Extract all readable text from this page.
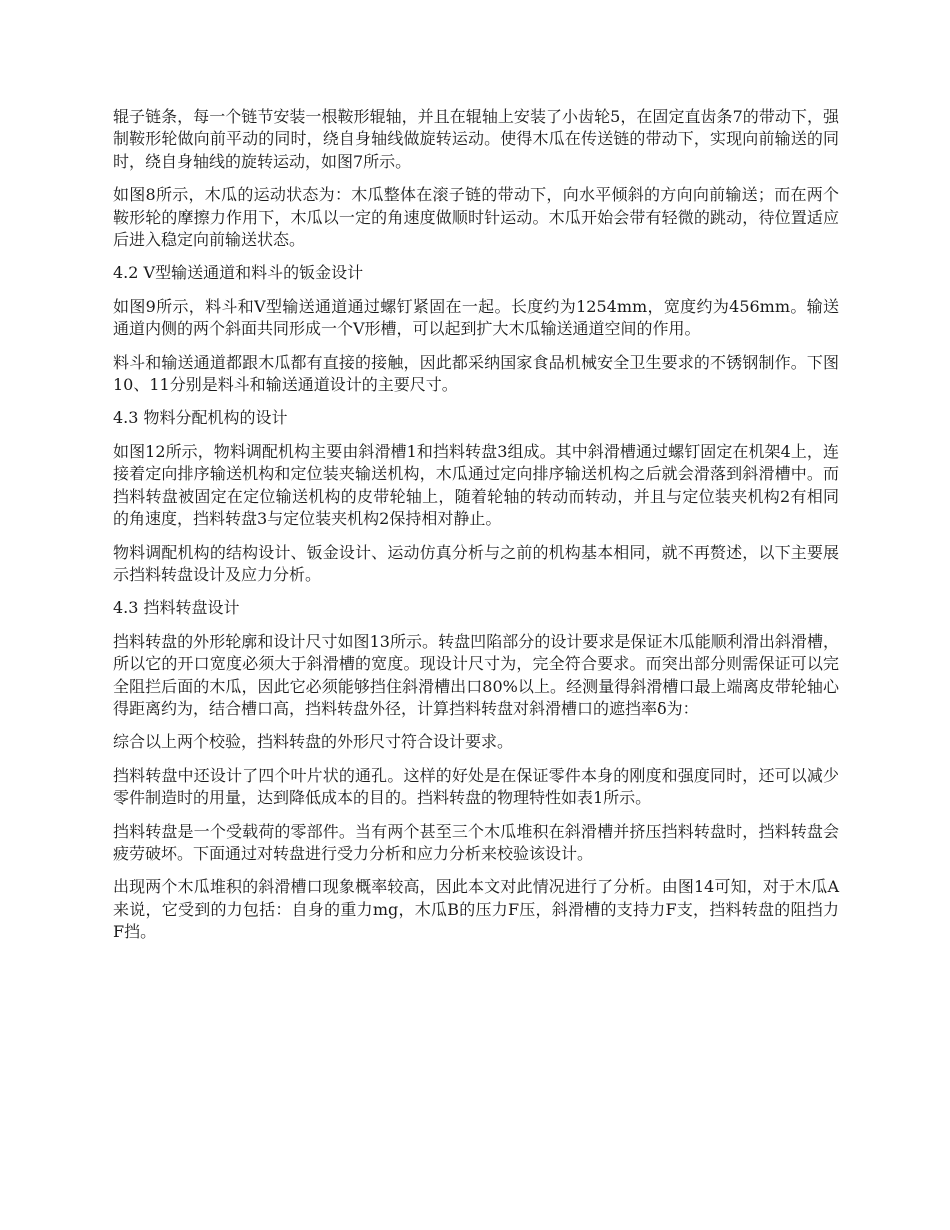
辊子链条，每一个链节安装一根鞍形辊轴，并且在辊轴上安装了小齿轮5，在固定直齿条7的带动下，强制鞍形轮做向前平动的同时，绕自身轴线做旋转运动。使得木瓜在传送链的带动下，实现向前输送的同时，绕自身轴线的旋转运动，如图7所示。

如图8所示，木瓜的运动状态为：木瓜整体在滚子链的带动下，向水平倾斜的方向向前输送；而在两个鞍形轮的摩擦力作用下，木瓜以一定的角速度做顺时针运动。木瓜开始会带有轻微的跳动，待位置适应后进入稳定向前输送状态。

4.2 V型输送通道和料斗的钣金设计

如图9所示，料斗和V型输送通道通过螺钉紧固在一起。长度约为1254mm，宽度约为456mm。输送通道内侧的两个斜面共同形成一个V形槽，可以起到扩大木瓜输送通道空间的作用。

料斗和输送通道都跟木瓜都有直接的接触，因此都采纳国家食品机械安全卫生要求的不锈钢制作。下图10、11分别是料斗和输送通道设计的主要尺寸。

4.3 物料分配机构的设计

如图12所示，物料调配机构主要由斜滑槽1和挡料转盘3组成。其中斜滑槽通过螺钉固定在机架4上，连接着定向排序输送机构和定位装夹输送机构，木瓜通过定向排序输送机构之后就会滑落到斜滑槽中。而挡料转盘被固定在定位输送机构的皮带轮轴上，随着轮轴的转动而转动，并且与定位装夹机构2有相同的角速度，挡料转盘3与定位装夹机构2保持相对静止。

物料调配机构的结构设计、钣金设计、运动仿真分析与之前的机构基本相同，就不再赘述，以下主要展示挡料转盘设计及应力分析。

4.3 挡料转盘设计

挡料转盘的外形轮廓和设计尺寸如图13所示。转盘凹陷部分的设计要求是保证木瓜能顺利滑出斜滑槽，所以它的开口宽度必须大于斜滑槽的宽度。现设计尺寸为，完全符合要求。而突出部分则需保证可以完全阻拦后面的木瓜，因此它必须能够挡住斜滑槽出口80%以上。经测量得斜滑槽口最上端离皮带轮轴心得距离约为，结合槽口高，挡料转盘外径，计算挡料转盘对斜滑槽口的遮挡率δ为：

综合以上两个校验，挡料转盘的外形尺寸符合设计要求。

挡料转盘中还设计了四个叶片状的通孔。这样的好处是在保证零件本身的刚度和强度同时，还可以减少零件制造时的用量，达到降低成本的目的。挡料转盘的物理特性如表1所示。

挡料转盘是一个受载荷的零部件。当有两个甚至三个木瓜堆积在斜滑槽并挤压挡料转盘时，挡料转盘会疲劳破坏。下面通过对转盘进行受力分析和应力分析来校验该设计。

出现两个木瓜堆积的斜滑槽口现象概率较高，因此本文对此情况进行了分析。由图14可知，对于木瓜A来说，它受到的力包括：自身的重力mg，木瓜B的压力F压，斜滑槽的支持力F支，挡料转盘的阻挡力F挡。
